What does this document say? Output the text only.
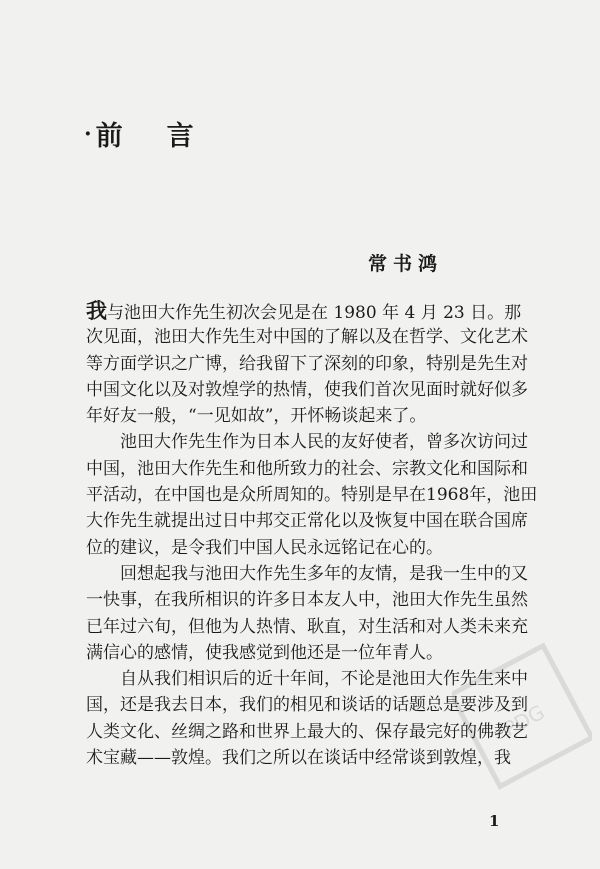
· 前 言
常书鸿
我与池田大作先生初次会见是在 1980 年 4 月 23 日。那
次见面，池田大作先生对中国的了解以及在哲学、文化艺术
等方面学识之广博，给我留下了深刻的印象，特别是先生对
中国文化以及对敦煌学的热情，使我们首次见面时就好似多
年好友一般，“一见如故”，开怀畅谈起来了。
池田大作先生作为日本人民的友好使者，曾多次访问过
中国，池田大作先生和他所致力的社会、宗教文化和国际和
平活动，在中国也是众所周知的。特别是早在1968年，池田
大作先生就提出过日中邦交正常化以及恢复中国在联合国席
位的建议，是令我们中国人民永远铭记在心的。
回想起我与池田大作先生多年的友情，是我一生中的又
一快事，在我所相识的许多日本友人中，池田大作先生虽然
已年过六旬，但他为人热情、耿直，对生活和对人类未来充
满信心的感情，使我感觉到他还是一位年青人。
自从我们相识后的近十年间，不论是池田大作先生来中
国，还是我去日本，我们的相见和谈话的话题总是要涉及到
人类文化、丝绸之路和世界上最大的、保存最完好的佛教艺
术宝藏——敦煌。我们之所以在谈话中经常谈到敦煌，我
PDG
1
